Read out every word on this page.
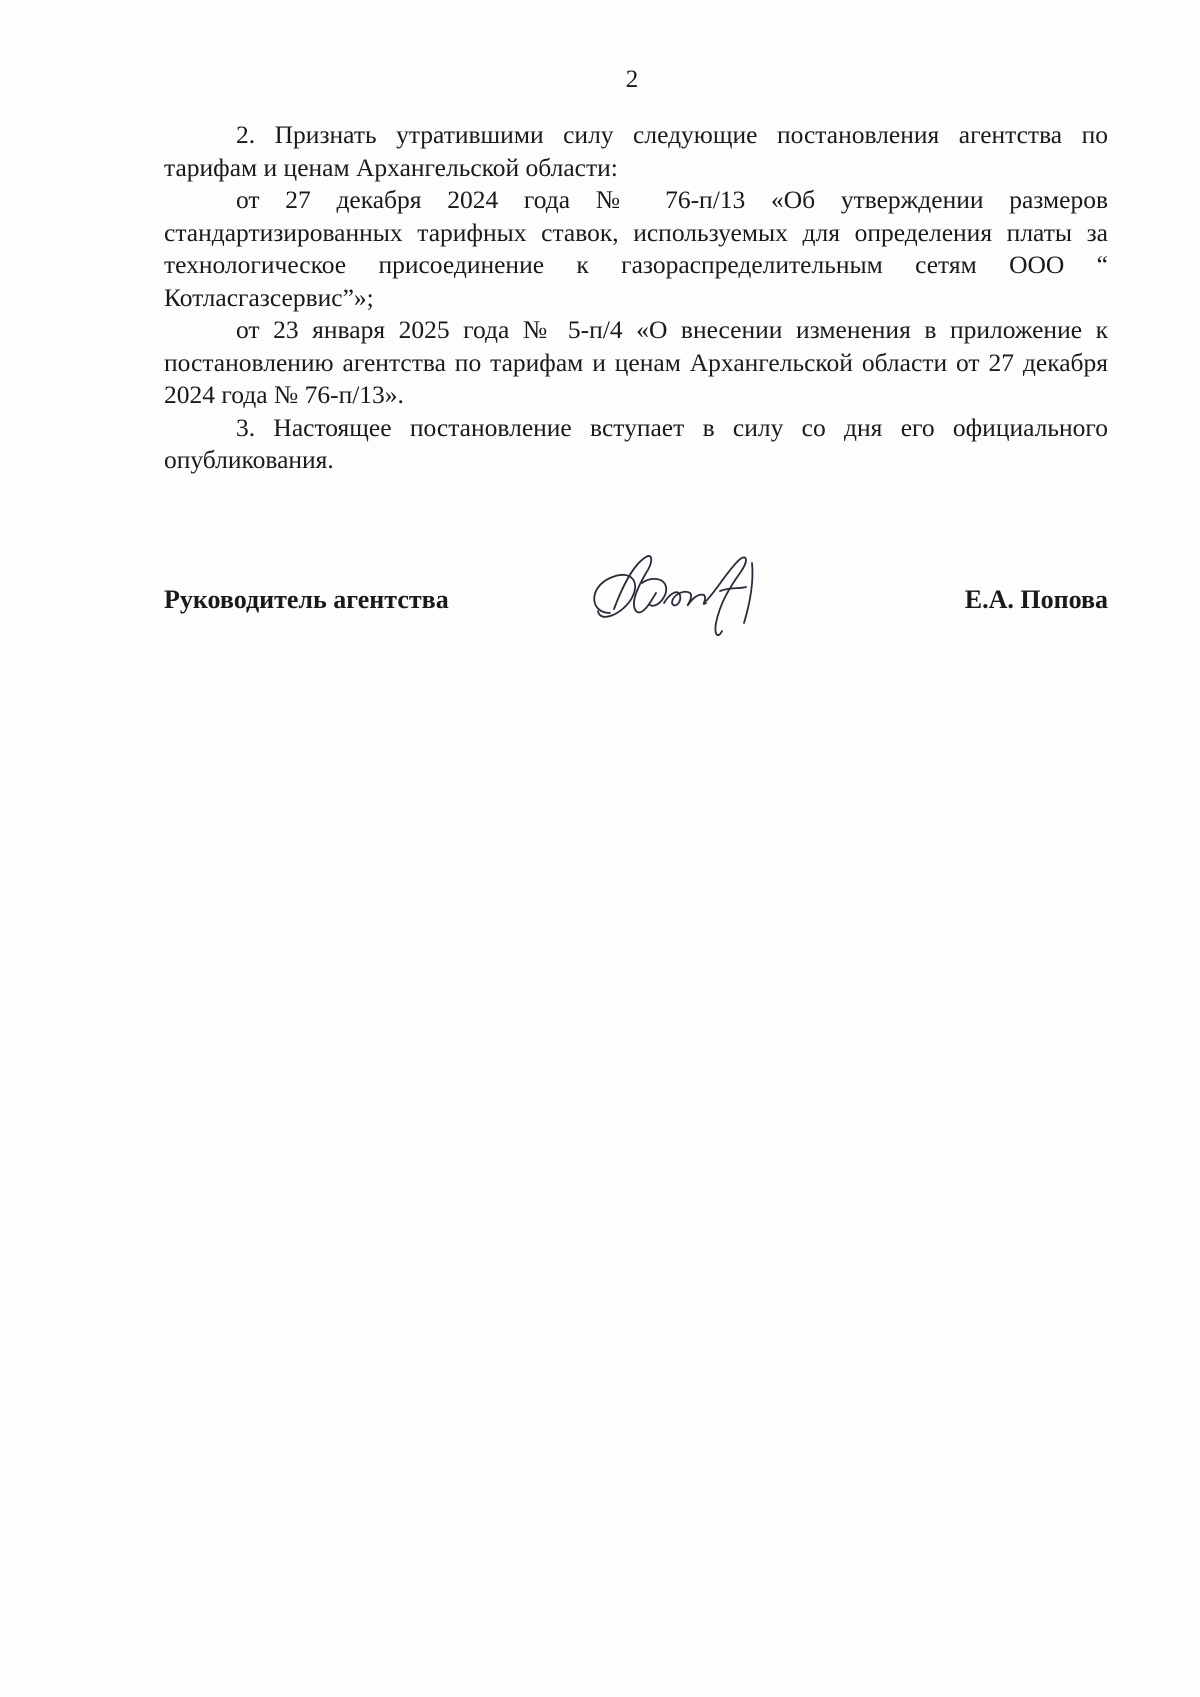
2

2. Признать утратившими силу следующие постановления агентства по тарифам и ценам Архангельской области:

от 27 декабря 2024 года № 76-п/13 «Об утверждении размеров стандартизированных тарифных ставок, используемых для определения платы за технологическое присоединение к газораспределительным сетям ООО “ Котласгазсервис”»;

от 23 января 2025 года № 5-п/4 «О внесении изменения в приложение к постановлению агентства по тарифам и ценам Архангельской области от 27 декабря 2024 года № 76-п/13».

3. Настоящее постановление вступает в силу со дня его официального опубликования.

Руководитель агентства	Е.А. Попова
